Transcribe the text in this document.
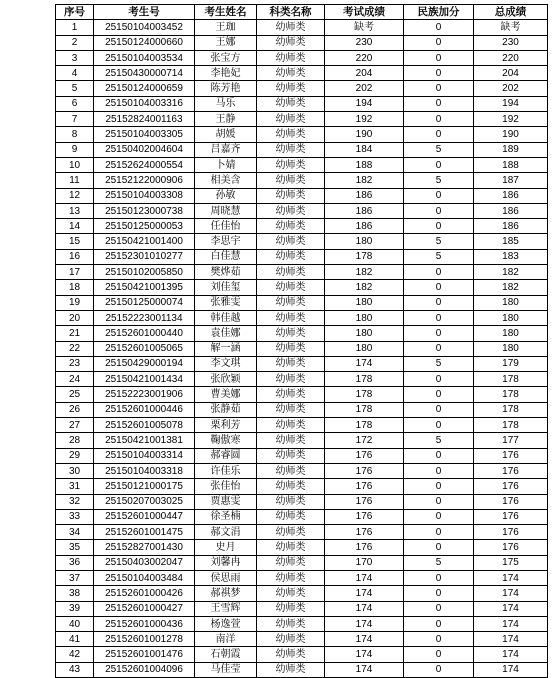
序号	考生号	考生姓名	科类名称	考试成绩	民族加分	总成绩
1	25150104003452	王珈	幼师类	缺考	0	缺考
2	25150124000660	王娜	幼师类	230	0	230
3	25150104003534	张宝方	幼师类	220	0	220
4	25150430000714	李艳妃	幼师类	204	0	204
5	25150124000659	陈芳艳	幼师类	202	0	202
6	25150104003316	马乐	幼师类	194	0	194
7	25152824001163	王静	幼师类	192	0	192
8	25150104003305	胡媛	幼师类	190	0	190
9	25150402004604	吕嘉齐	幼师类	184	5	189
10	25152624000554	卜婧	幼师类	188	0	188
11	25152122000906	相美含	幼师类	182	5	187
12	25150104003308	孙敏	幼师类	186	0	186
13	25150123000738	周晓慧	幼师类	186	0	186
14	25150125000053	任佳怡	幼师类	186	0	186
15	25150421001400	李思宇	幼师类	180	5	185
16	25152301010277	白佳慧	幼师类	178	5	183
17	25150102005850	樊烨茹	幼师类	182	0	182
18	25150421001395	刘佳玺	幼师类	182	0	182
19	25150125000074	张雅雯	幼师类	180	0	180
20	25152223001134	韩佳越	幼师类	180	0	180
21	25152601000440	袁佳娜	幼师类	180	0	180
22	25152601005065	解一涵	幼师类	180	0	180
23	25150429000194	李文琪	幼师类	174	5	179
24	25150421001434	张欣颖	幼师类	178	0	178
25	25152223001906	曹美娜	幼师类	178	0	178
26	25152601000446	张静茹	幼师类	178	0	178
27	25152601005078	栗利芳	幼师类	178	0	178
28	25150421001381	鞠傲寒	幼师类	172	5	177
29	25150104003314	郝睿圆	幼师类	176	0	176
30	25150104003318	许佳乐	幼师类	176	0	176
31	25150121000175	张佳怡	幼师类	176	0	176
32	25150207003025	贾惠雯	幼师类	176	0	176
33	25152601000447	徐圣楠	幼师类	176	0	176
34	25152601001475	郝文涓	幼师类	176	0	176
35	25152827001430	史月	幼师类	176	0	176
36	25150403002047	刘馨冉	幼师类	170	5	175
37	25150104003484	侯思雨	幼师类	174	0	174
38	25152601000426	郝祺梦	幼师类	174	0	174
39	25152601000427	王雪辉	幼师类	174	0	174
40	25152601000436	杨逸萱	幼师类	174	0	174
41	25152601001278	南洋	幼师类	174	0	174
42	25152601001476	石朝霞	幼师类	174	0	174
43	25152601004096	马佳莹	幼师类	174	0	174
